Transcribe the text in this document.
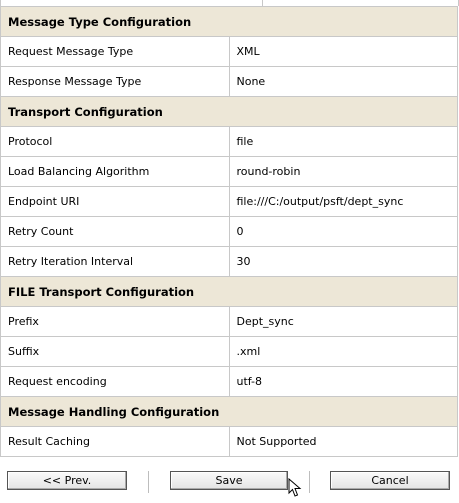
Message Type Configuration	
Request Message Type	XML
Response Message Type	None
Transport Configuration	
Protocol	file
Load Balancing Algorithm	round-robin
Endpoint URI	file:///C:/output/psft/dept_sync
Retry Count	0
Retry Iteration Interval	30
FILE Transport Configuration	
Prefix	Dept_sync
Suffix	.xml
Request encoding	utf-8
Message Handling Configuration	
Result Caching	Not Supported
<< Prev.	Save	Cancel
